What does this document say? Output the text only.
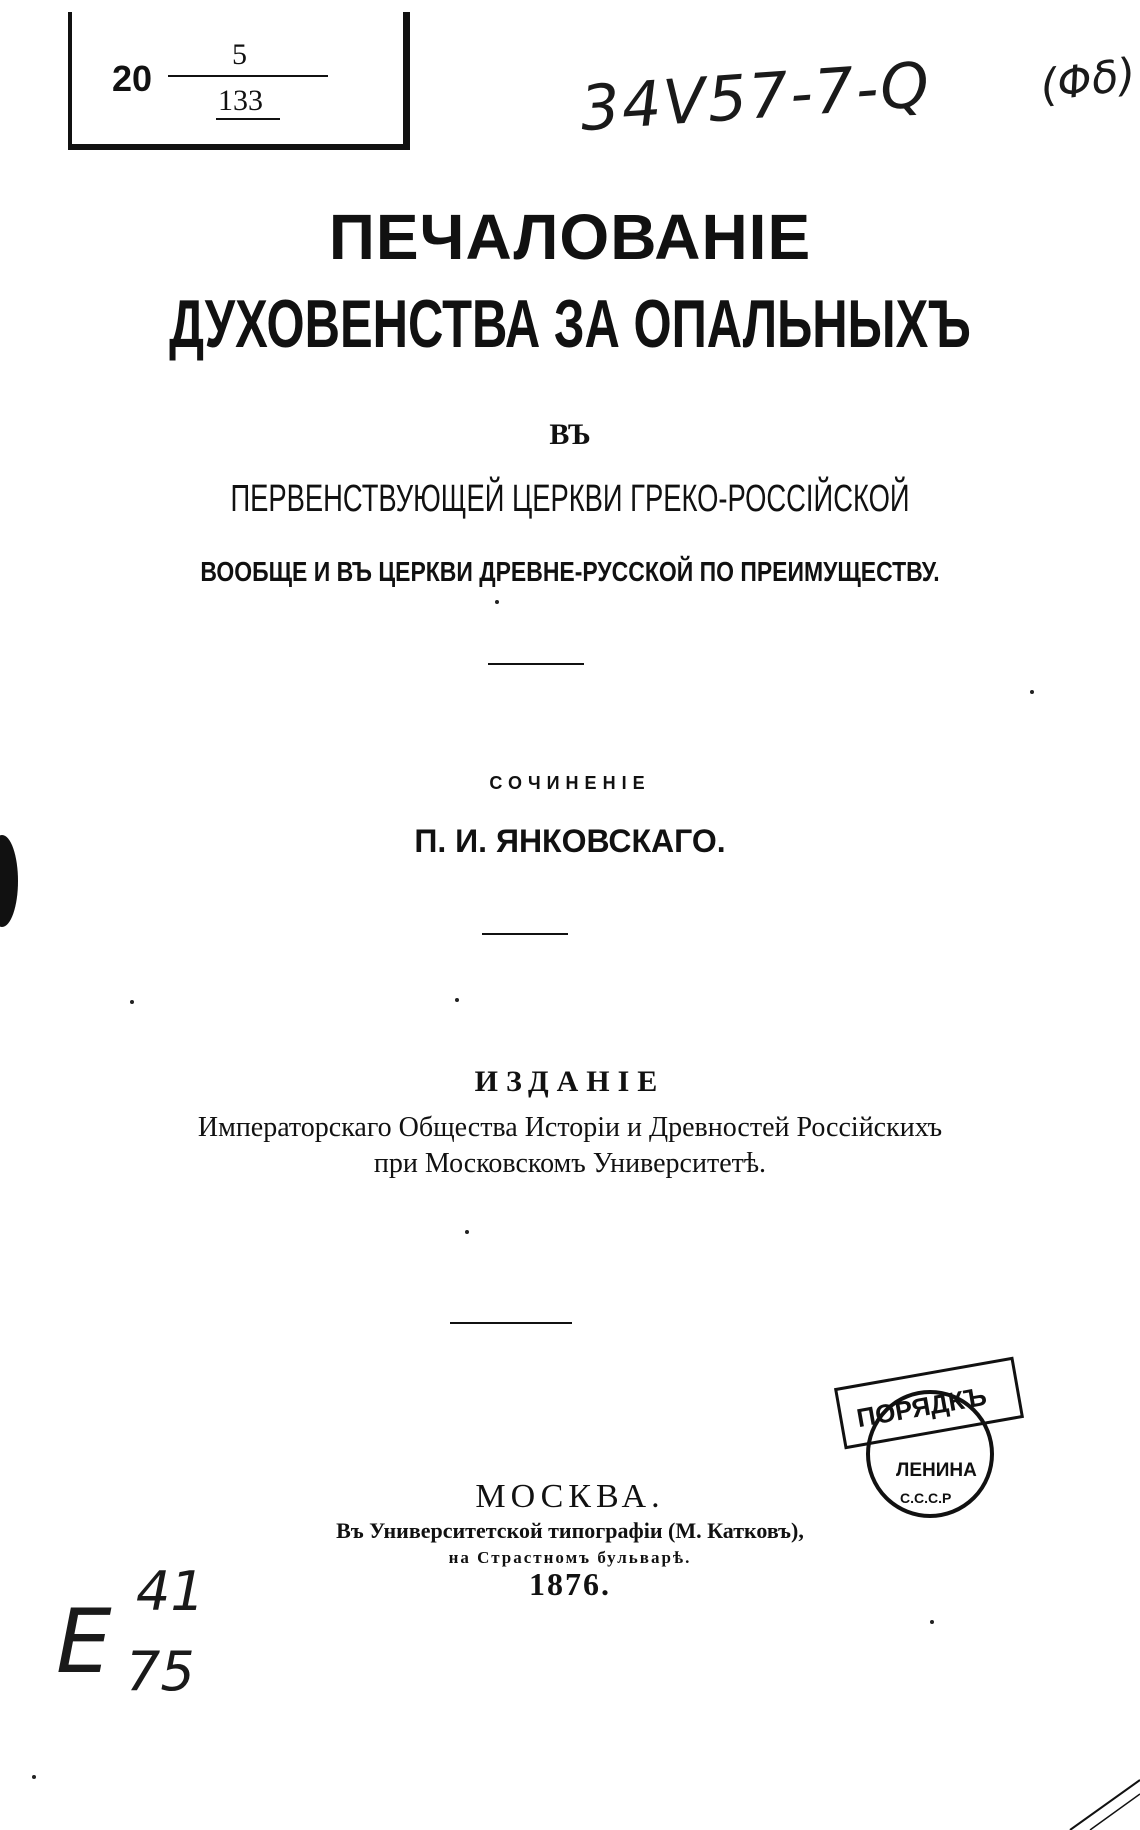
20
5
133	34V57-7-Q (Φδ)
41
E 75
ПЕЧАЛОВАНIЕ
ДУХОВЕНСТВА ЗА ОПАЛЬНЫХЪ
ВЪ
ПЕРВЕНСТВУЮЩЕЙ ЦЕРКВИ ГРЕКО-РОССIЙСКОЙ
ВООБЩЕ И ВЪ ЦЕРКВИ ДРЕВНЕ-РУССКОЙ ПО ПРЕИМУЩЕСТВУ.
СОЧИНЕНIЕ
П. И. ЯНКОВСКАГО.
ИЗДАНIЕ
Императорскаго Общества Исторіи и Древностей Россійскихъ
при Московскомъ Университетѣ.
МОСКВА.
Въ Университетской типографіи (М. Катковъ),
на Страстномъ бульварѣ.
1876.
ПОРЯДКЪ
ЛЕНИНА
С.С.С.Р
